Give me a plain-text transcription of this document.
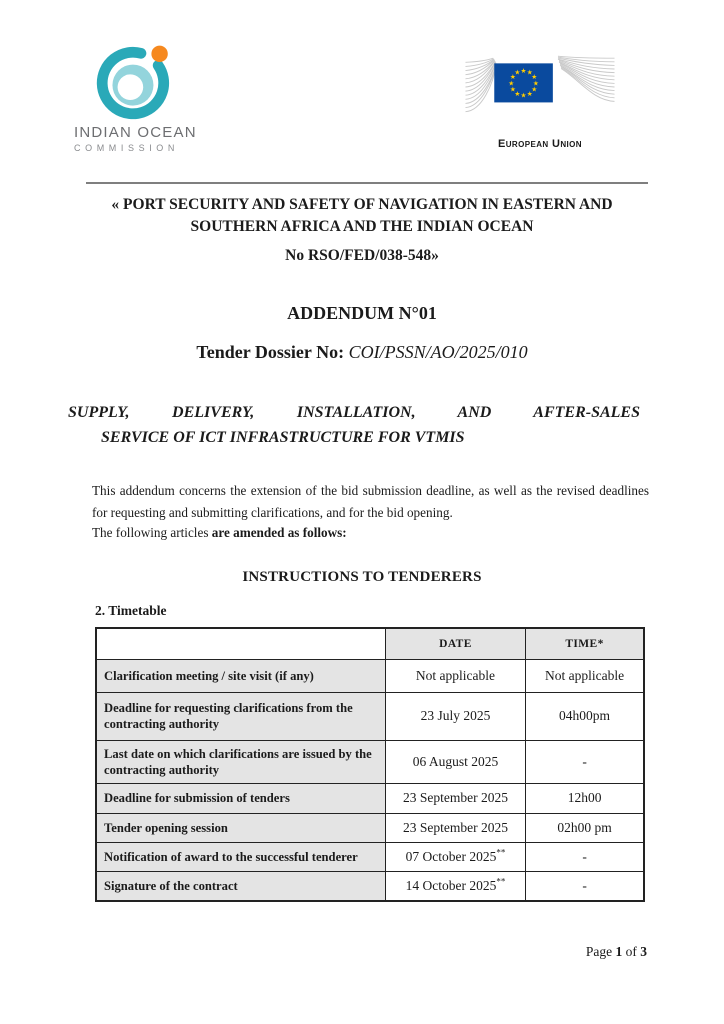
INDIAN OCEAN
COMMISSION
★ ★
★
★
★
★
★
★
★
★
★
★
European Union
« PORT SECURITY AND SAFETY OF NAVIGATION IN EASTERN AND
SOUTHERN AFRICA AND THE INDIAN OCEAN
No RSO/FED/038-548»
ADDENDUM N°01
Tender Dossier No: COI/PSSN/AO/2025/010
SUPPLY, DELIVERY, INSTALLATION, AND AFTER-SALES
SERVICE OF ICT INFRASTRUCTURE FOR VTMIS

This addendum concerns the extension of the bid submission deadline, as well as the revised deadlines for requesting and submitting clarifications, and for the bid opening.

The following articles are amended as follows:

INSTRUCTIONS TO TENDERERS
2. Timetable
	DATE	TIME*
Clarification meeting / site visit (if any)	Not applicable	Not applicable
Deadline for requesting clarifications from the contracting authority	23 July 2025	04h00pm
Last date on which clarifications are issued by the contracting authority	06 August 2025	-
Deadline for submission of tenders	23 September 2025	12h00
Tender opening session	23 September 2025	02h00 pm
Notification of award to the successful tenderer	07 October 2025**	-
Signature of the contract	14 October 2025**	-
Page 1 of 3
